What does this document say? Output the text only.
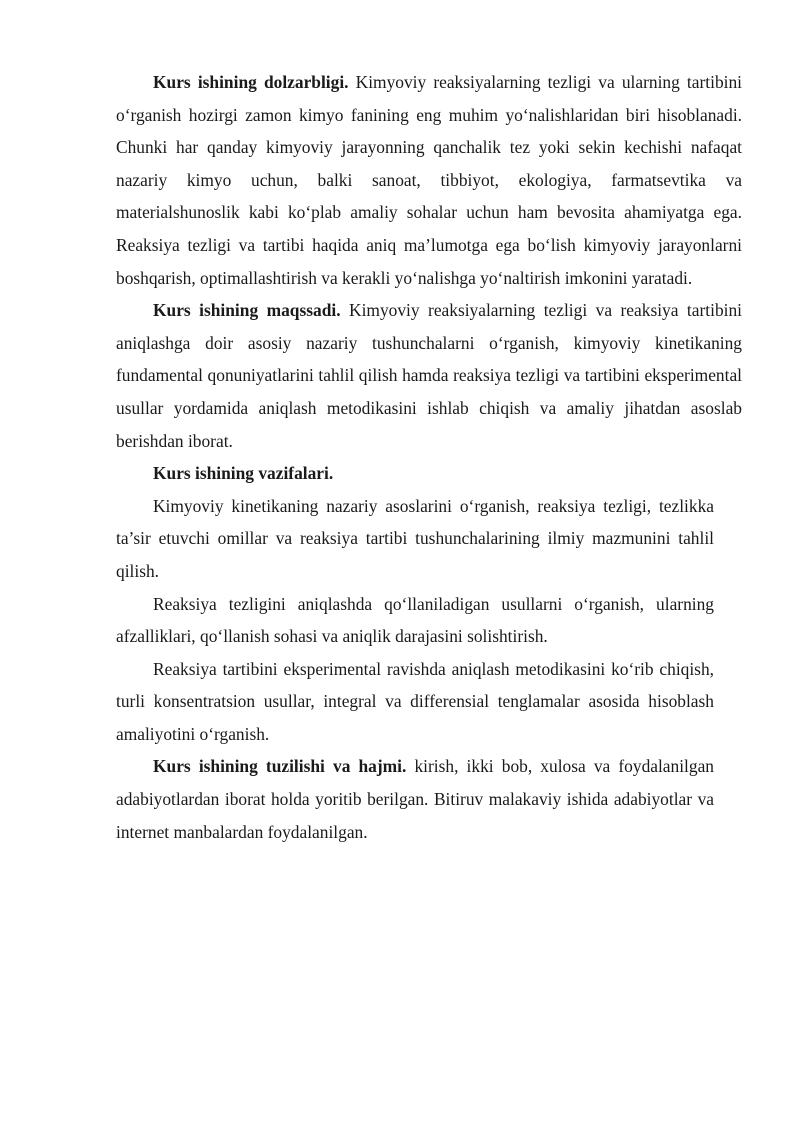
Kurs ishining dolzarbligi. Kimyoviy reaksiyalarning tezligi va ularning tartibini o‘rganish hozirgi zamon kimyo fanining eng muhim yo‘nalishlaridan biri hisoblanadi. Chunki har qanday kimyoviy jarayonning qanchalik tez yoki sekin kechishi nafaqat nazariy kimyo uchun, balki sanoat, tibbiyot, ekologiya, farmatsevtika va materialshunoslik kabi ko‘plab amaliy sohalar uchun ham bevosita ahamiyatga ega. Reaksiya tezligi va tartibi haqida aniq ma’lumotga ega bo‘lish kimyoviy jarayonlarni boshqarish, optimallashtirish va kerakli yo‘nalishga yo‘naltirish imkonini yaratadi.

Kurs ishining maqssadi. Kimyoviy reaksiyalarning tezligi va reaksiya tartibini aniqlashga doir asosiy nazariy tushunchalarni o‘rganish, kimyoviy kinetikaning fundamental qonuniyatlarini tahlil qilish hamda reaksiya tezligi va tartibini eksperimental usullar yordamida aniqlash metodikasini ishlab chiqish va amaliy jihatdan asoslab berishdan iborat.

Kurs ishining vazifalari.

Kimyoviy kinetikaning nazariy asoslarini o‘rganish, reaksiya tezligi, tezlikka ta’sir etuvchi omillar va reaksiya tartibi tushunchalarining ilmiy mazmunini tahlil qilish.

Reaksiya tezligini aniqlashda qo‘llaniladigan usullarni o‘rganish, ularning afzalliklari, qo‘llanish sohasi va aniqlik darajasini solishtirish.

Reaksiya tartibini eksperimental ravishda aniqlash metodikasini ko‘rib chiqish, turli konsentratsion usullar, integral va differensial tenglamalar asosida hisoblash amaliyotini o‘rganish.

Kurs ishining tuzilishi va hajmi. kirish, ikki bob, xulosa va foydalanilgan adabiyotlardan iborat holda yoritib berilgan. Bitiruv malakaviy ishida adabiyotlar va internet manbalardan foydalanilgan.
